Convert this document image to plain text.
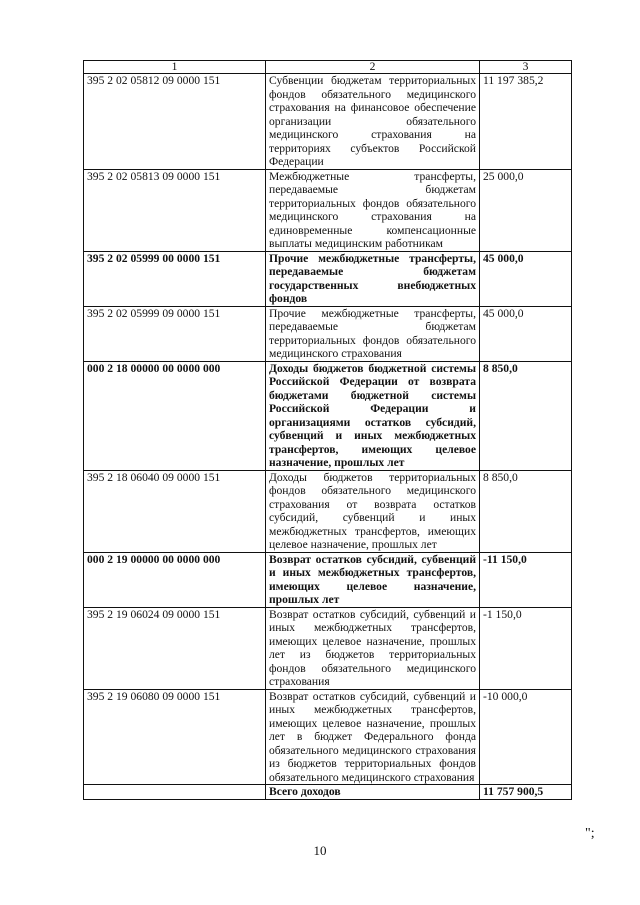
1	2	3
395 2 02 05812 09 0000 151	Субвенции бюджетам территориальных фондов обязательного медицинского страхования на финансовое обеспечение организации обязательного медицинского страхования на территориях субъектов Российской Федерации	11 197 385,2
395 2 02 05813 09 0000 151	Межбюджетные трансферты, передаваемые бюджетам территориальных фондов обязательного медицинского страхования на единовременные компенсационные выплаты медицинским работникам	25 000,0
395 2 02 05999 00 0000 151	Прочие межбюджетные трансферты, передаваемые бюджетам государственных внебюджетных фондов	45 000,0
395 2 02 05999 09 0000 151	Прочие межбюджетные трансферты, передаваемые бюджетам территориальных фондов обязательного медицинского страхования	45 000,0
000 2 18 00000 00 0000 000	Доходы бюджетов бюджетной системы Российской Федерации от возврата бюджетами бюджетной системы Российской Федерации и организациями остатков субсидий, субвенций и иных межбюджетных трансфертов, имеющих целевое назначение, прошлых лет	8 850,0
395 2 18 06040 09 0000 151	Доходы бюджетов территориальных фондов обязательного медицинского страхования от возврата остатков субсидий, субвенций и иных межбюджетных трансфертов, имеющих целевое назначение, прошлых лет	8 850,0
000 2 19 00000 00 0000 000	Возврат остатков субсидий, субвенций и иных межбюджетных трансфертов, имеющих целевое назначение, прошлых лет	-11 150,0
395 2 19 06024 09 0000 151	Возврат остатков субсидий, субвенций и иных межбюджетных трансфертов, имеющих целевое назначение, прошлых лет из бюджетов территориальных фондов обязательного медицинского страхования	-1 150,0
395 2 19 06080 09 0000 151	Возврат остатков субсидий, субвенций и иных межбюджетных трансфертов, имеющих целевое назначение, прошлых лет в бюджет Федерального фонда обязательного медицинского страхования из бюджетов территориальных фондов обязательного медицинского страхования	-10 000,0
	Всего доходов	11 757 900,5
";
10
